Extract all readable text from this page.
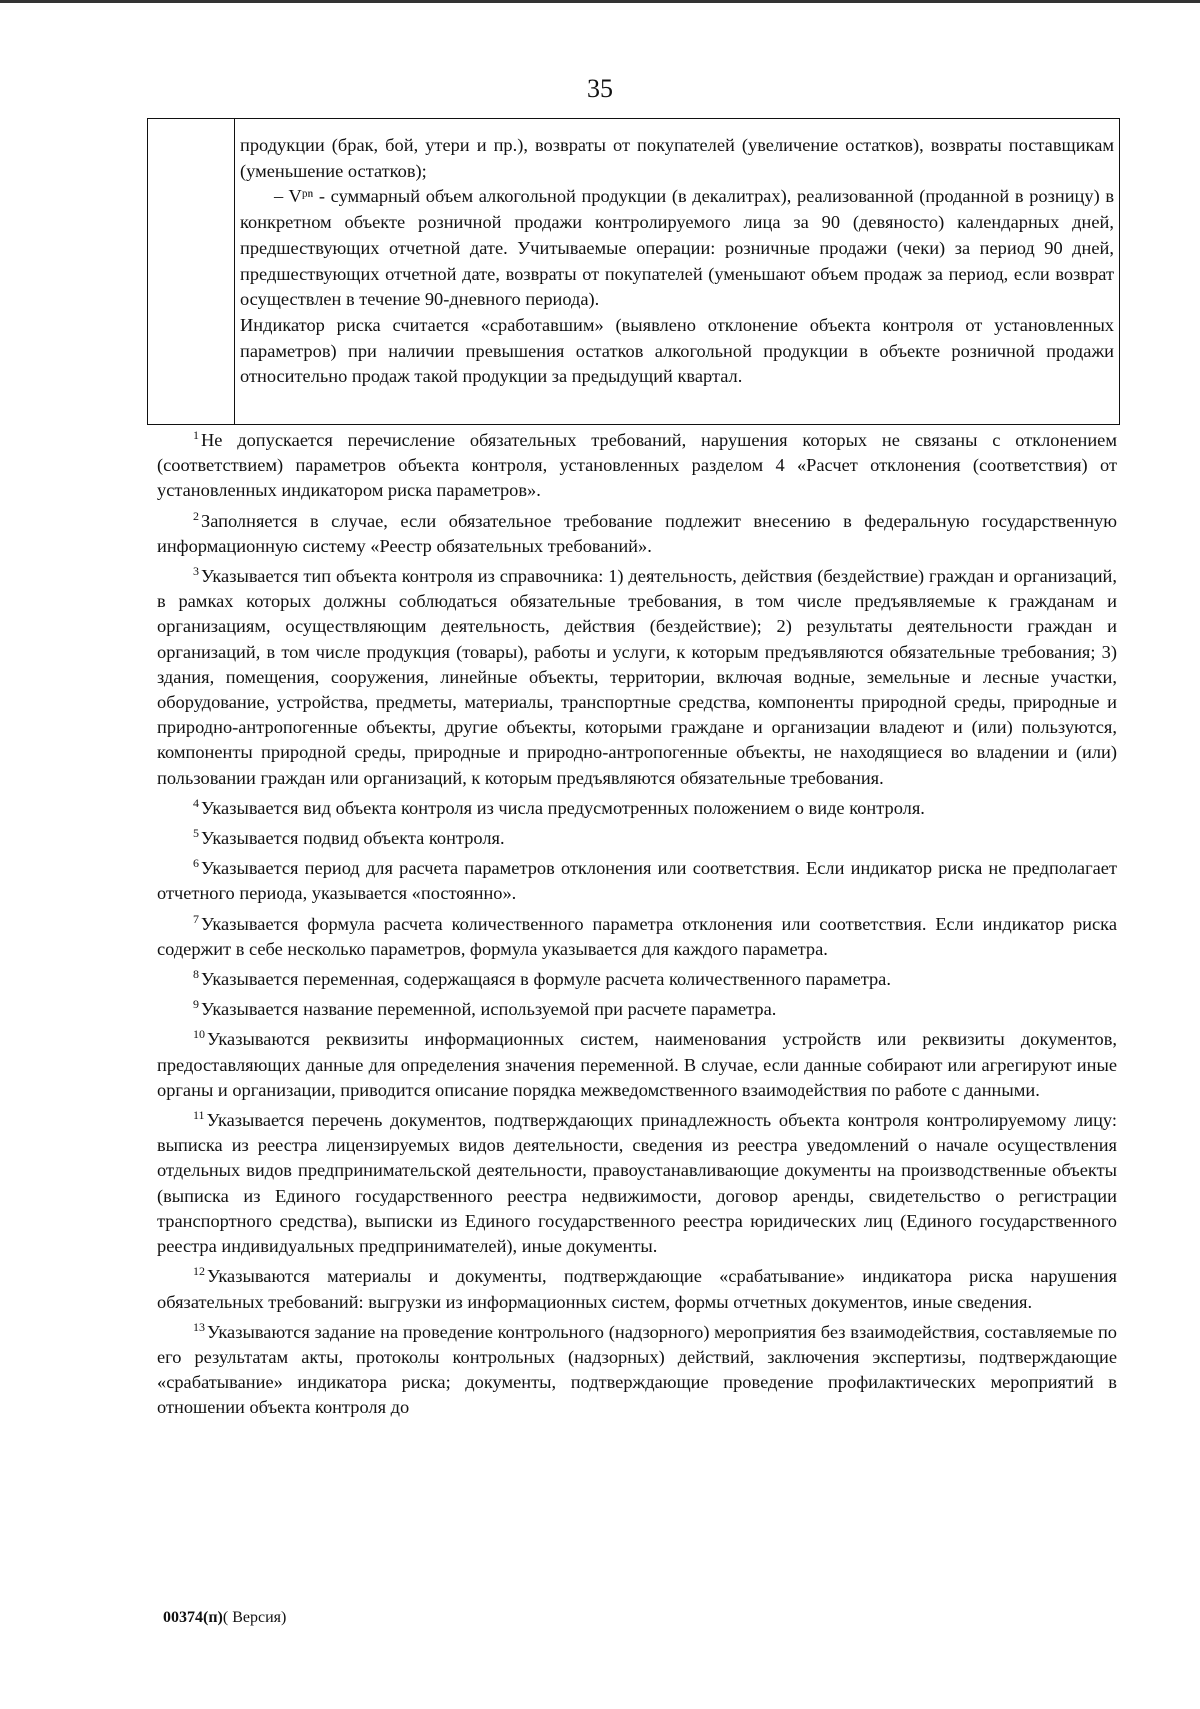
35

продукции (брак, бой, утери и пр.), возвраты от покупателей (увеличение остатков), возвраты поставщикам (уменьшение остатков);

– Vᵖⁿ - суммарный объем алкогольной продукции (в декалитрах), реализованной (проданной в розницу) в конкретном объекте розничной продажи контролируемого лица за 90 (девяносто) календарных дней, предшествующих отчетной дате. Учитываемые операции: розничные продажи (чеки) за период 90 дней, предшествующих отчетной дате, возвраты от покупателей (уменьшают объем продаж за период, если возврат осуществлен в течение 90-дневного периода).

Индикатор риска считается «сработавшим» (выявлено отклонение объекта контроля от установленных параметров) при наличии превышения остатков алкогольной продукции в объекте розничной продажи относительно продаж такой продукции за предыдущий квартал.

$^1$ Не допускается перечисление обязательных требований, нарушения которых не связаны с отклонением (соответствием) параметров объекта контроля, установленных разделом 4 «Расчет отклонения (соответствия) от установленных индикатором риска параметров».

$^2$ Заполняется в случае, если обязательное требование подлежит внесению в федеральную государственную информационную систему «Реестр обязательных требований».

$^3$ Указывается тип объекта контроля из справочника: 1) деятельность, действия (бездействие) граждан и организаций, в рамках которых должны соблюдаться обязательные требования, в том числе предъявляемые к гражданам и организациям, осуществляющим деятельность, действия (бездействие); 2) результаты деятельности граждан и организаций, в том числе продукция (товары), работы и услуги, к которым предъявляются обязательные требования; 3) здания, помещения, сооружения, линейные объекты, территории, включая водные, земельные и лесные участки, оборудование, устройства, предметы, материалы, транспортные средства, компоненты природной среды, природные и природно-антропогенные объекты, другие объекты, которыми граждане и организации владеют и (или) пользуются, компоненты природной среды, природные и природно-антропогенные объекты, не находящиеся во владении и (или) пользовании граждан или организаций, к которым предъявляются обязательные требования.

$^4$ Указывается вид объекта контроля из числа предусмотренных положением о виде контроля.

$^5$ Указывается подвид объекта контроля.

$^6$ Указывается период для расчета параметров отклонения или соответствия. Если индикатор риска не предполагает отчетного периода, указывается «постоянно».

$^7$ Указывается формула расчета количественного параметра отклонения или соответствия. Если индикатор риска содержит в себе несколько параметров, формула указывается для каждого параметра.

$^8$ Указывается переменная, содержащаяся в формуле расчета количественного параметра.

$^9$ Указывается название переменной, используемой при расчете параметра.

$^{10}$ Указываются реквизиты информационных систем, наименования устройств или реквизиты документов, предоставляющих данные для определения значения переменной. В случае, если данные собирают или агрегируют иные органы и организации, приводится описание порядка межведомственного взаимодействия по работе с данными.

$^{11}$ Указывается перечень документов, подтверждающих принадлежность объекта контроля контролируемому лицу: выписка из реестра лицензируемых видов деятельности, сведения из реестра уведомлений о начале осуществления отдельных видов предпринимательской деятельности, правоустанавливающие документы на производственные объекты (выписка из Единого государственного реестра недвижимости, договор аренды, свидетельство о регистрации транспортного средства), выписки из Единого государственного реестра юридических лиц (Единого государственного реестра индивидуальных предпринимателей), иные документы.

$^{12}$ Указываются материалы и документы, подтверждающие «срабатывание» индикатора риска нарушения обязательных требований: выгрузки из информационных систем, формы отчетных документов, иные сведения.

$^{13}$ Указываются задание на проведение контрольного (надзорного) мероприятия без взаимодействия, составляемые по его результатам акты, протоколы контрольных (надзорных) действий, заключения экспертизы, подтверждающие «срабатывание» индикатора риска; документы, подтверждающие проведение профилактических мероприятий в отношении объекта контроля до

00374(п)( Версия)
